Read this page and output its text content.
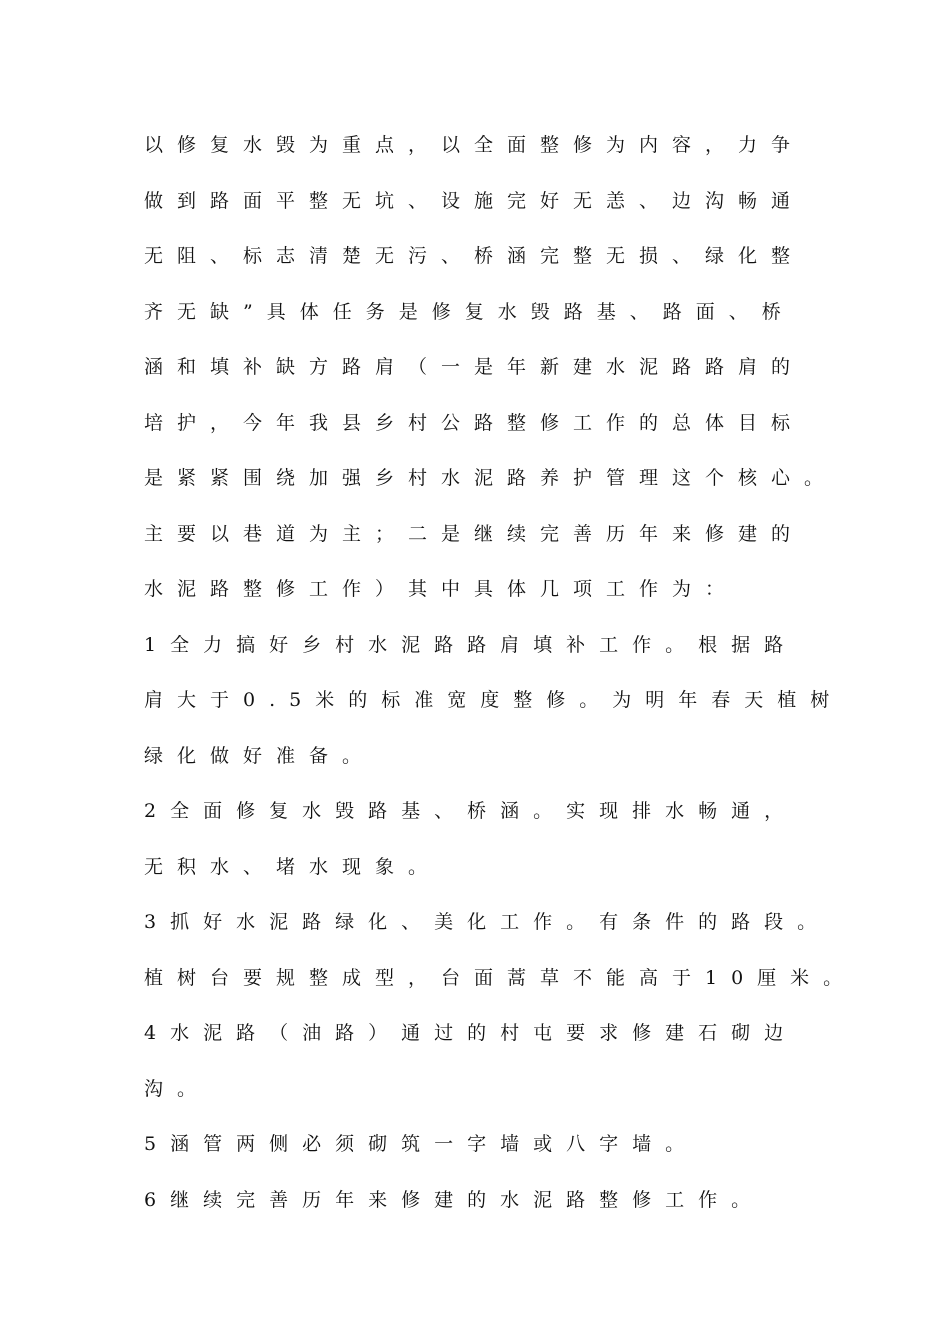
以修复水毁为重点，以全面整修为内容，力争
做到路面平整无坑、设施完好无恙、边沟畅通
无阻、标志清楚无污、桥涵完整无损、绿化整
齐无缺”具体任务是修复水毁路基、路面、桥
涵和填补缺方路肩（一是年新建水泥路路肩的
培护，今年我县乡村公路整修工作的总体目标
是紧紧围绕加强乡村水泥路养护管理这个核心。
主要以巷道为主；二是继续完善历年来修建的
水泥路整修工作）其中具体几项工作为：
1全力搞好乡村水泥路路肩填补工作。根据路
肩大于0.5米的标准宽度整修。为明年春天植树
绿化做好准备。
2全面修复水毁路基、桥涵。实现排水畅通，
无积水、堵水现象。
3抓好水泥路绿化、美化工作。有条件的路段。
植树台要规整成型，台面蒿草不能高于10厘米。
4水泥路（油路）通过的村屯要求修建石砌边
沟。
5涵管两侧必须砌筑一字墙或八字墙。
6继续完善历年来修建的水泥路整修工作。
